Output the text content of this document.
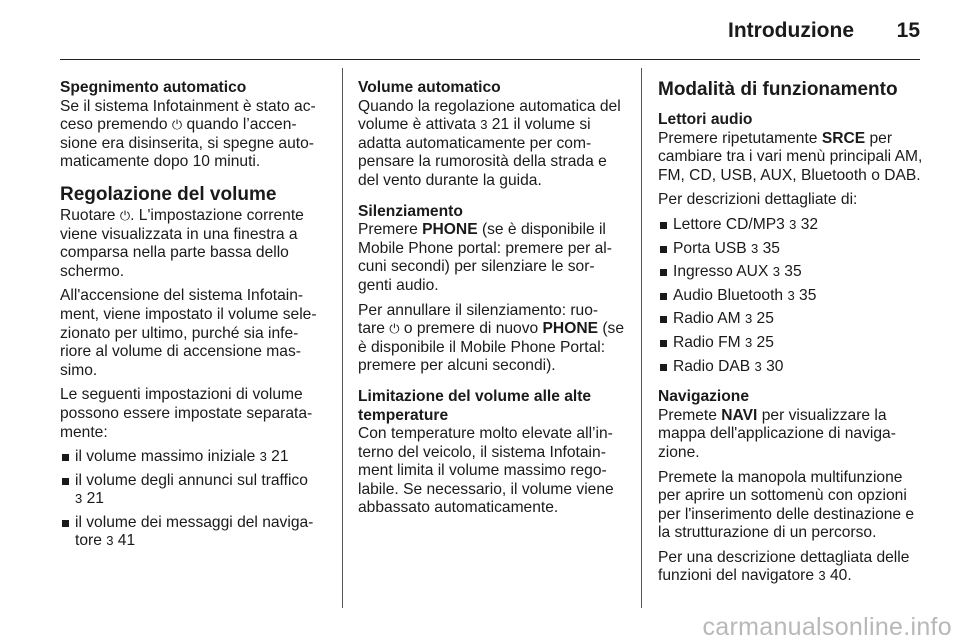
Introduzione 15
Spegnimento automatico

Se il sistema Infotainment è stato ac-ceso premendo ⏻ quando l’accen-sione era disinserita, si spegne auto-maticamente dopo 10 minuti.

Regolazione del volume

Ruotare ⏻. L'impostazione corrente viene visualizzata in una finestra a comparsa nella parte bassa dello schermo.

All'accensione del sistema Infotain-ment, viene impostato il volume sele-zionato per ultimo, purché sia infe-riore al volume di accensione mas-simo.

Le seguenti impostazioni di volume possono essere impostate separata-mente:

il volume massimo iniziale 3 21
il volume degli annunci sul traffico
3 21
il volume dei messaggi del naviga-tore 3 41
Volume automatico

Quando la regolazione automatica del volume è attivata 3 21 il volume si adatta automaticamente per com-pensare la rumorosità della strada e del vento durante la guida.

Silenziamento

Premere PHONE (se è disponibile il Mobile Phone portal: premere per al-cuni secondi) per silenziare le sor-genti audio.

Per annullare il silenziamento: ruo-tare ⏻ o premere di nuovo PHONE (se è disponibile il Mobile Phone Portal: premere per alcuni secondi).

Limitazione del volume alle alte temperature

Con temperature molto elevate all’in-terno del veicolo, il sistema Infotain-ment limita il volume massimo rego-labile. Se necessario, il volume viene abbassato automaticamente.

Modalità di funzionamento
Lettori audio

Premere ripetutamente SRCE per cambiare tra i vari menù principali AM, FM, CD, USB, AUX, Bluetooth o DAB.

Per descrizioni dettagliate di:

Lettore CD/MP3 3 32
Porta USB 3 35
Ingresso AUX 3 35
Audio Bluetooth 3 35
Radio AM 3 25
Radio FM 3 25
Radio DAB 3 30
Navigazione

Premete NAVI per visualizzare la mappa dell'applicazione di naviga-zione.

Premete la manopola multifunzione per aprire un sottomenù con opzioni per l'inserimento delle destinazione e la strutturazione di un percorso.

Per una descrizione dettagliata delle funzioni del navigatore 3 40.

carmanualsonline.info
